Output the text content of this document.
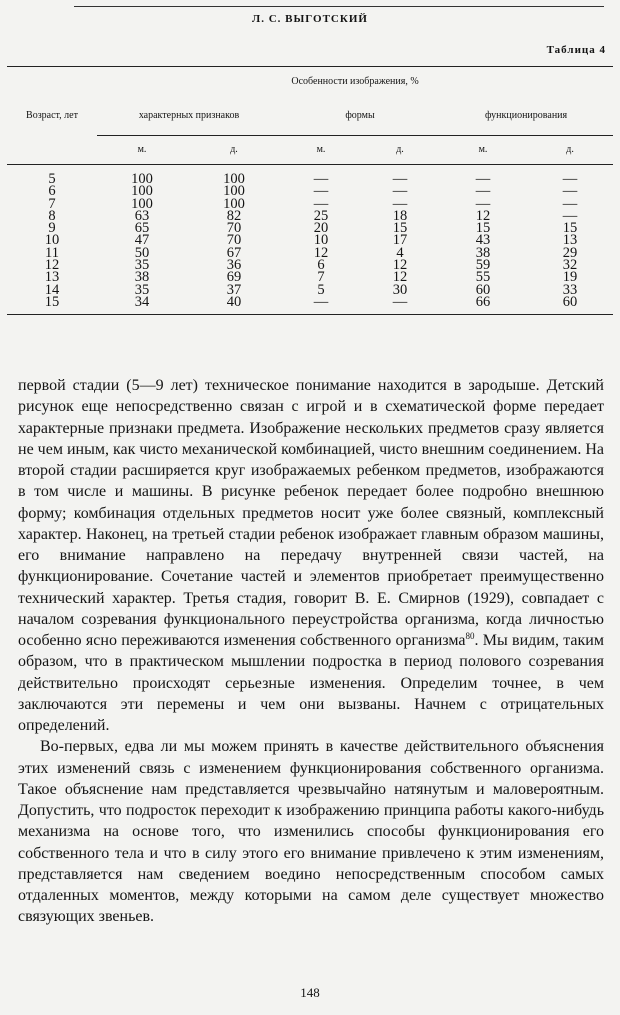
Л. С. ВЫГОТСКИЙ
Таблица 4
Возраст, лет	Особенности изображения, %					
	характерных признаков		формы		функционирования	
	м.	д.	м.	д.	м.	д.
5	100	100	—	—	—	—
6	100	100	—	—	—	—
7	100	100	—	—	—	—
8	63	82	25	18	12	—
9	65	70	20	15	15	15
10	47	70	10	17	43	13
11	50	67	12	4	38	29
12	35	36	6	12	59	32
13	38	69	7	12	55	19
14	35	37	5	30	60	33
15	34	40	—	—	66	60

первой стадии (5—9 лет) техническое понимание находится в зародыше. Детский рисунок еще непосредственно связан с игрой и в схематической форме передает характерные признаки предмета. Изображение нескольких предметов сразу является не чем иным, как чисто механической комбинацией, чисто внешним соединением. На второй стадии расширяется круг изображаемых ребенком предметов, изображаются в том числе и машины. В рисунке ребенок передает более подробно внешнюю форму; комбинация отдельных предметов носит уже более связный, комплексный характер. Наконец, на третьей стадии ребенок изображает главным образом машины, его внимание направлено на передачу внутренней связи частей, на функционирование. Сочетание частей и элементов приобретает преимущественно технический характер. Третья стадия, говорит В. Е. Смирнов (1929), совпадает с началом созревания функционального переустройства организма, когда личностью особенно ясно переживаются изменения собственного организма$^{80}$. Мы видим, таким образом, что в практическом мышлении подростка в период полового созревания действительно происходят серьезные изменения. Определим точнее, в чем заключаются эти перемены и чем они вызваны. Начнем с отрицательных определений.

Во-первых, едва ли мы можем принять в качестве действительного объяснения этих изменений связь с изменением функционирования собственного организма. Такое объяснение нам представляется чрезвычайно натянутым и маловероятным. Допустить, что подросток переходит к изображению принципа работы какого-нибудь механизма на основе того, что изменились способы функционирования его собственного тела и что в силу этого его внимание привлечено к этим изменениям, представляется нам сведением воедино непосредственным способом самых отдаленных моментов, между которыми на самом деле существует множество связующих звеньев.

148
